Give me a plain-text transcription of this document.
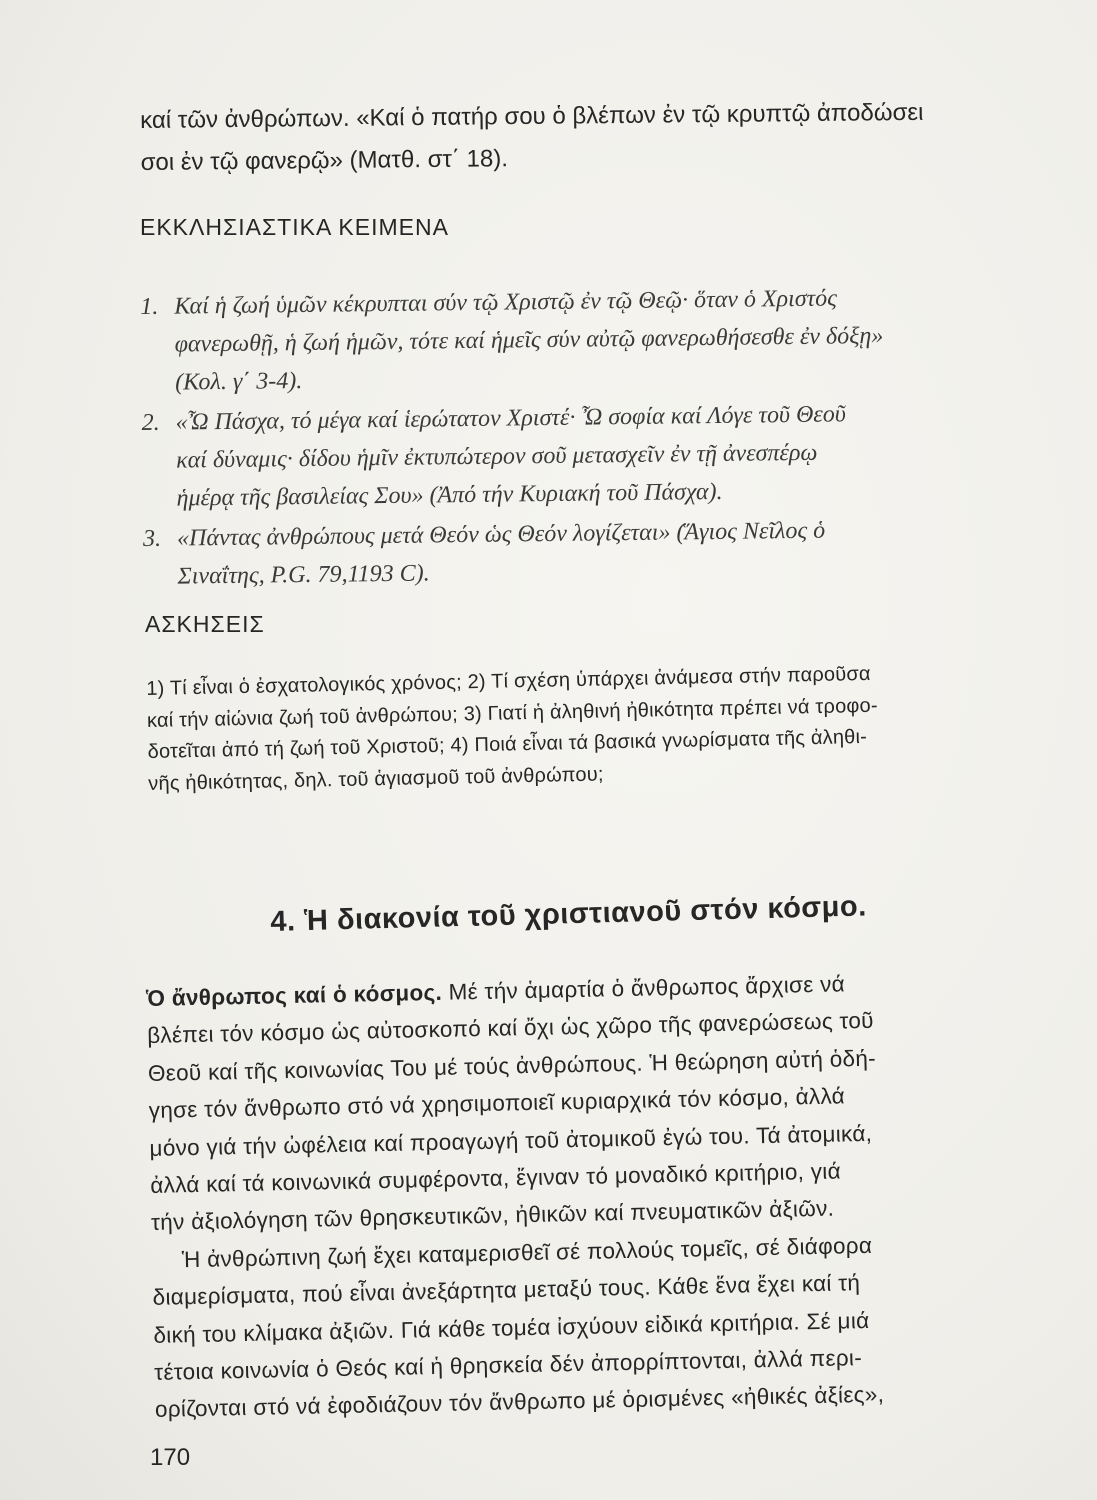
καί τῶν ἀνθρώπων. «Καί ὁ πατήρ σου ὁ βλέπων ἐν τῷ κρυπτῷ ἀποδώσει
σοι ἐν τῷ φανερῷ» (Ματθ. στ΄ 18).
ΕΚΚΛΗΣΙΑΣΤΙΚΑ ΚΕΙΜΕΝΑ
1. Καί ἡ ζωή ὑμῶν κέκρυπται σύν τῷ Χριστῷ ἐν τῷ Θεῷ· ὅταν ὁ Χριστός
φανερωθῇ, ἡ ζωή ἡμῶν, τότε καί ἡμεῖς σύν αὐτῷ φανερωθήσεσθε ἐν δόξῃ»
(Κολ. γ΄ 3-4).
2. «Ὦ Πάσχα, τό μέγα καί ἱερώτατον Χριστέ· Ὦ σοφία καί Λόγε τοῦ Θεοῦ
καί δύναμις· δίδου ἡμῖν ἐκτυπώτερον σοῦ μετασχεῖν ἐν τῇ ἀνεσπέρῳ
ἡμέρᾳ τῆς βασιλείας Σου» (Ἀπό τήν Κυριακή τοῦ Πάσχα).
3. «Πάντας ἀνθρώπους μετά Θεόν ὡς Θεόν λογίζεται» (Ἅγιος Νεῖλος ὁ
Σιναΐτης, P.G. 79,1193 C).
ΑΣΚΗΣΕΙΣ
1) Τί εἶναι ὁ ἐσχατολογικός χρόνος; 2) Τί σχέση ὑπάρχει ἀνάμεσα στήν παροῦσα
καί τήν αἰώνια ζωή τοῦ ἀνθρώπου; 3) Γιατί ἡ ἀληθινή ἠθικότητα πρέπει νά τροφο-
δοτεῖται ἀπό τή ζωή τοῦ Χριστοῦ; 4) Ποιά εἶναι τά βασικά γνωρίσματα τῆς ἀληθι-
νῆς ἠθικότητας, δηλ. τοῦ ἁγιασμοῦ τοῦ ἀνθρώπου;
4. Ἡ διακονία τοῦ χριστιανοῦ στόν κόσμο.
Ὁ ἄνθρωπος καί ὁ κόσμος. Μέ τήν ἁμαρτία ὁ ἄνθρωπος ἄρχισε νά
βλέπει τόν κόσμο ὡς αὐτοσκοπό καί ὄχι ὡς χῶρο τῆς φανερώσεως τοῦ
Θεοῦ καί τῆς κοινωνίας Του μέ τούς ἀνθρώπους. Ἡ θεώρηση αὐτή ὁδή-
γησε τόν ἄνθρωπο στό νά χρησιμοποιεῖ κυριαρχικά τόν κόσμο, ἀλλά
μόνο γιά τήν ὠφέλεια καί προαγωγή τοῦ ἀτομικοῦ ἐγώ του. Τά ἀτομικά,
ἀλλά καί τά κοινωνικά συμφέροντα, ἔγιναν τό μοναδικό κριτήριο, γιά
τήν ἀξιολόγηση τῶν θρησκευτικῶν, ἠθικῶν καί πνευματικῶν ἀξιῶν.
Ἡ ἀνθρώπινη ζωή ἔχει καταμερισθεῖ σέ πολλούς τομεῖς, σέ διάφορα
διαμερίσματα, πού εἶναι ἀνεξάρτητα μεταξύ τους. Κάθε ἕνα ἔχει καί τή
δική του κλίμακα ἀξιῶν. Γιά κάθε τομέα ἰσχύουν εἰδικά κριτήρια. Σέ μιά
τέτοια κοινωνία ὁ Θεός καί ἡ θρησκεία δέν ἀπορρίπτονται, ἀλλά περι-
ορίζονται στό νά ἐφοδιάζουν τόν ἄνθρωπο μέ ὁρισμένες «ἠθικές ἀξίες»,
170
